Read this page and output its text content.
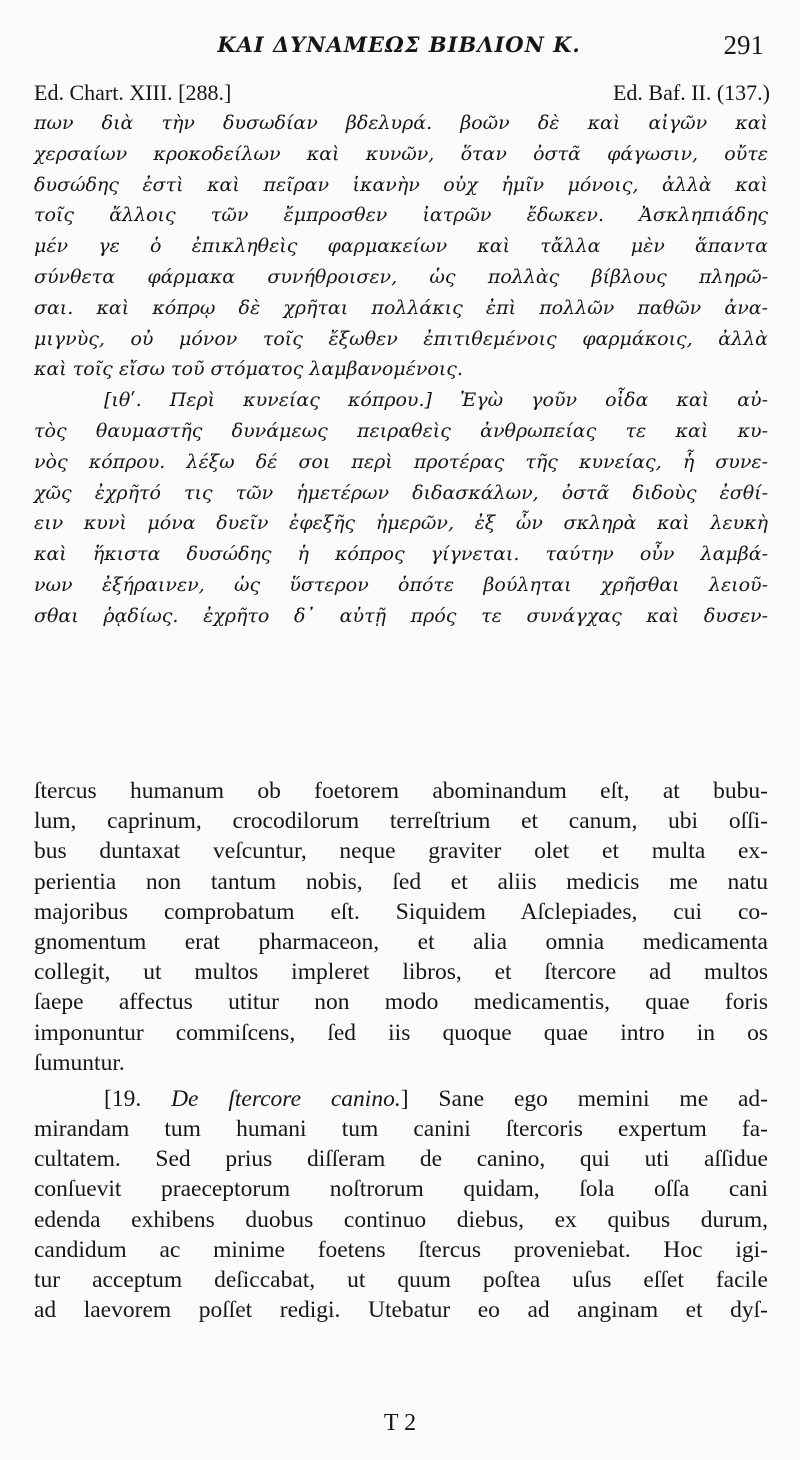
ΚΑΙ ΔΥΝΑΜΕΩΣ ΒΙΒΛΙΟΝ Κ.	291
Ed. Chart. XIII. [288.]	Ed. Baf. II. (137.)
πων διὰ τὴν δυσωδίαν βδελυρά. βοῶν δὲ καὶ αἰγῶν καὶ
χερσαίων κροκοδείλων καὶ κυνῶν, ὅταν ὀστᾶ φάγωσιν, οὔτε
δυσώδης ἐστὶ καὶ πεῖραν ἱκανὴν οὐχ ἡμῖν μόνοις, ἀλλὰ καὶ
τοῖς ἄλλοις τῶν ἔμπροσθεν ἰατρῶν ἔδωκεν. Ἀσκληπιάδης
μέν γε ὁ ἐπικληθεὶς φαρμακείων καὶ τἄλλα μὲν ἅπαντα
σύνθετα φάρμακα συνήθροισεν, ὡς πολλὰς βίβλους πληρῶ-
σαι. καὶ κόπρῳ δὲ χρῆται πολλάκις ἐπὶ πολλῶν παθῶν ἀνα-
μιγνὺς, οὐ μόνον τοῖς ἔξωθεν ἐπιτιθεμένοις φαρμάκοις, ἀλλὰ
καὶ τοῖς εἴσω τοῦ στόματος λαμβανομένοις.
[ιθʹ. Περὶ κυνείας κόπρου.] Ἐγὼ γοῦν οἶδα καὶ αὐ-
τὸς θαυμαστῆς δυνάμεως πειραθεὶς ἀνθρωπείας τε καὶ κυ-
νὸς κόπρου. λέξω δέ σοι περὶ προτέρας τῆς κυνείας, ἧ συνε-
χῶς ἐχρῆτό τις τῶν ἡμετέρων διδασκάλων, ὀστᾶ διδοὺς ἐσθί-
ειν κυνὶ μόνα δυεῖν ἐφεξῆς ἡμερῶν, ἐξ ὧν σκληρὰ καὶ λευκὴ
καὶ ἥκιστα δυσώδης ἡ κόπρος γίγνεται. ταύτην οὖν λαμβά-
νων ἐξήραινεν, ὡς ὕστερον ὁπότε βούληται χρῆσθαι λειοῦ-
σθαι ῥᾳδίως. ἐχρῆτο δ᾽ αὐτῇ πρός τε συνάγχας καὶ δυσεν-
ſtercus humanum ob foetorem abominandum eſt, at bubu-
lum, caprinum, crocodilorum terreſtrium et canum, ubi oſſi-
bus duntaxat veſcuntur, neque graviter olet et multa ex-
perientia non tantum nobis, ſed et aliis medicis me natu
majoribus comprobatum eſt. Siquidem Aſclepiades, cui co-
gnomentum erat pharmaceon, et alia omnia medicamenta
collegit, ut multos impleret libros, et ſtercore ad multos
ſaepe affectus utitur non modo medicamentis, quae foris
imponuntur commiſcens, ſed iis quoque quae intro in os
ſumuntur.
[19. De ſtercore canino.] Sane ego memini me ad-
mirandam tum humani tum canini ſtercoris expertum fa-
cultatem. Sed prius diſſeram de canino, qui uti aſſidue
conſuevit praeceptorum noſtrorum quidam, ſola oſſa cani
edenda exhibens duobus continuo diebus, ex quibus durum,
candidum ac minime foetens ſtercus proveniebat. Hoc igi-
tur acceptum deſiccabat, ut quum poſtea uſus eſſet facile
ad laevorem poſſet redigi. Utebatur eo ad anginam et dyſ-
T 2
